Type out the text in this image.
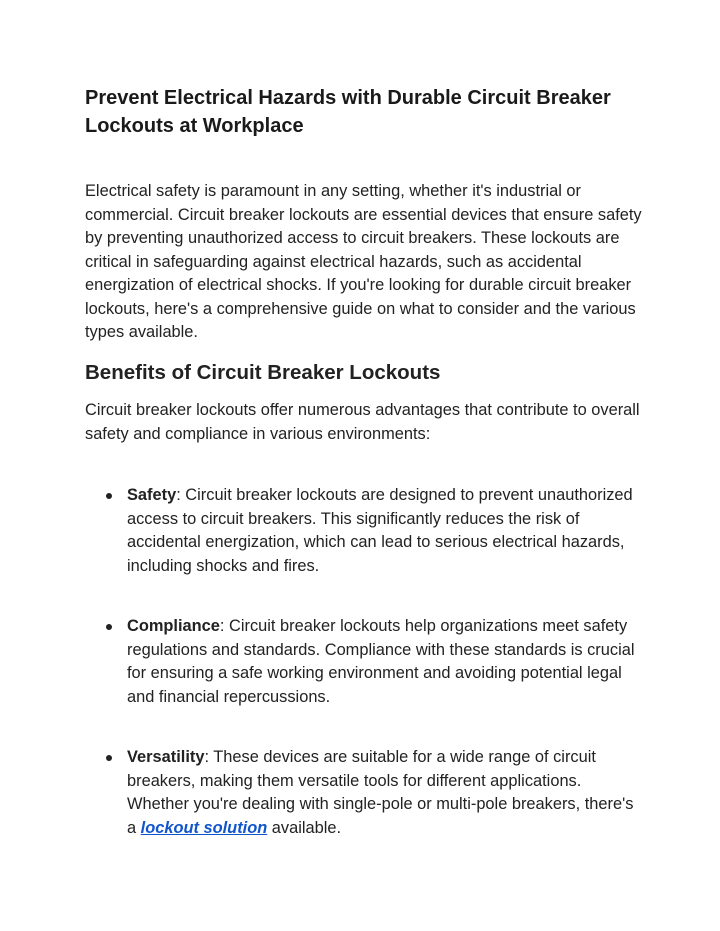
Prevent Electrical Hazards with Durable Circuit Breaker Lockouts at Workplace

Electrical safety is paramount in any setting, whether it's industrial or commercial. Circuit breaker lockouts are essential devices that ensure safety by preventing unauthorized access to circuit breakers. These lockouts are critical in safeguarding against electrical hazards, such as accidental energization of electrical shocks. If you're looking for durable circuit breaker lockouts, here's a comprehensive guide on what to consider and the various types available.

Benefits of Circuit Breaker Lockouts

Circuit breaker lockouts offer numerous advantages that contribute to overall safety and compliance in various environments:

Safety: Circuit breaker lockouts are designed to prevent unauthorized access to circuit breakers. This significantly reduces the risk of accidental energization, which can lead to serious electrical hazards, including shocks and fires.

Compliance: Circuit breaker lockouts help organizations meet safety regulations and standards. Compliance with these standards is crucial for ensuring a safe working environment and avoiding potential legal and financial repercussions.

Versatility: These devices are suitable for a wide range of circuit breakers, making them versatile tools for different applications. Whether you're dealing with single-pole or multi-pole breakers, there's a lockout solution available.
